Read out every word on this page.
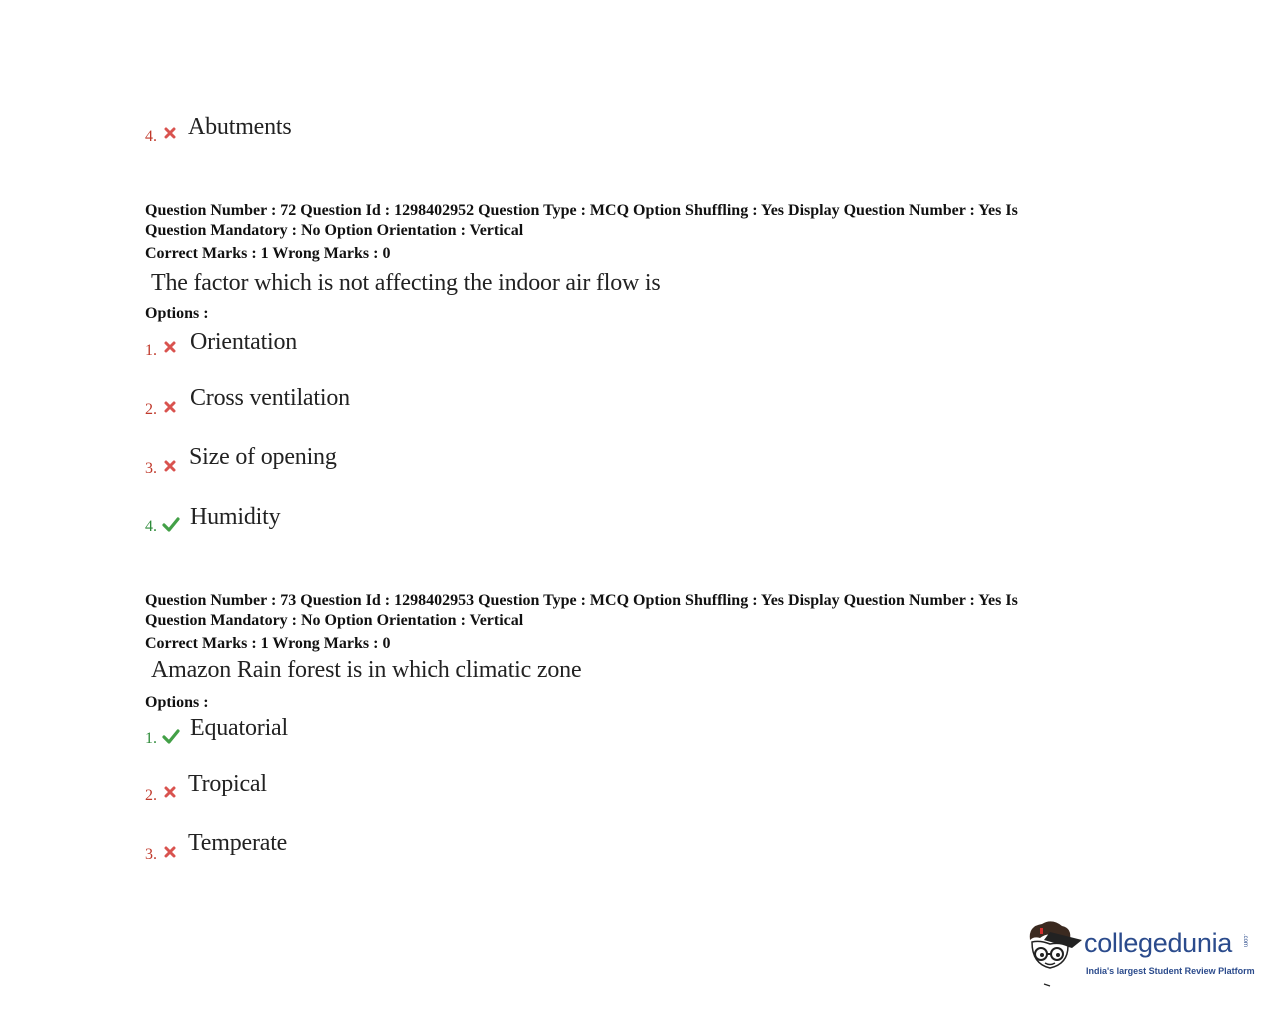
4. Abutments
Question Number : 72 Question Id : 1298402952 Question Type : MCQ Option Shuffling : Yes Display Question Number : Yes Is
Question Mandatory : No Option Orientation : Vertical
Correct Marks : 1 Wrong Marks : 0
The factor which is not affecting the indoor air flow is
Options :
1. Orientation
2. Cross ventilation
3. Size of opening
4. Humidity
Question Number : 73 Question Id : 1298402953 Question Type : MCQ Option Shuffling : Yes Display Question Number : Yes Is
Question Mandatory : No Option Orientation : Vertical
Correct Marks : 1 Wrong Marks : 0
Amazon Rain forest is in which climatic zone
Options :
1. Equatorial
2. Tropical
3. Temperate
collegedunia .com
India's largest Student Review Platform
